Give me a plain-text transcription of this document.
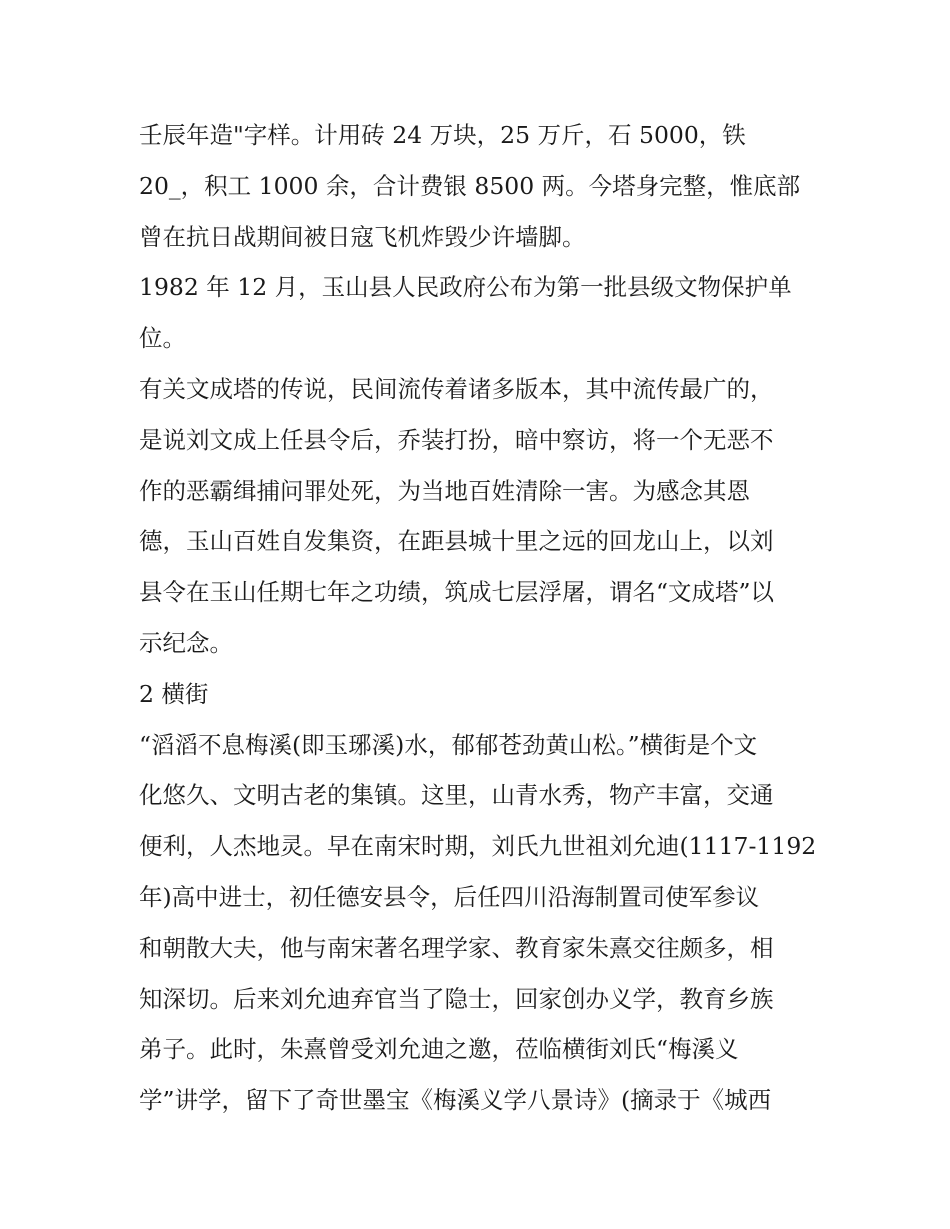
壬辰年造"字样。计用砖 24 万块，25 万斤，石 5000，铁
20_，积工 1000 余，合计费银 8500 两。今塔身完整，惟底部
曾在抗日战期间被日寇飞机炸毁少许墙脚。
1982 年 12 月，玉山县人民政府公布为第一批县级文物保护单
位。
有关文成塔的传说，民间流传着诸多版本，其中流传最广的，
是说刘文成上任县令后，乔装打扮，暗中察访，将一个无恶不
作的恶霸缉捕问罪处死，为当地百姓清除一害。为感念其恩
德，玉山百姓自发集资，在距县城十里之远的回龙山上，以刘
县令在玉山任期七年之功绩，筑成七层浮屠，谓名“文成塔”以
示纪念。
2 横街
“滔滔不息梅溪(即玉琊溪)水，郁郁苍劲黄山松。”横街是个文
化悠久、文明古老的集镇。这里，山青水秀，物产丰富，交通
便利，人杰地灵。早在南宋时期，刘氏九世祖刘允迪(1117-1192
年)高中进士，初任德安县令，后任四川沿海制置司使军参议
和朝散大夫，他与南宋著名理学家、教育家朱熹交往颇多，相
知深切。后来刘允迪弃官当了隐士，回家创办义学，教育乡族
弟子。此时，朱熹曾受刘允迪之邀，莅临横街刘氏“梅溪义
学”讲学，留下了奇世墨宝《梅溪义学八景诗》(摘录于《城西
